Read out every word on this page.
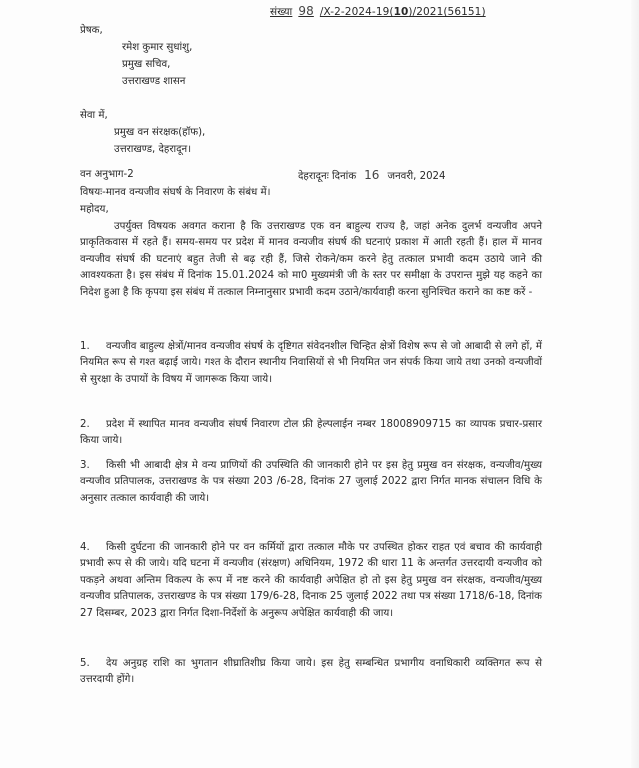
संख्या 98 /X-2-2024-19(10)/2021(56151)
प्रेषक,
रमेश कुमार सुधांशु,
प्रमुख सचिव,
उत्तराखण्ड शासन
सेवा में,
प्रमुख वन संरक्षक(हॉफ),
उत्तराखण्ड, देहरादून।
वन अनुभाग-2	देहरादूनः दिनांक 16 जनवरी, 2024
विषयः-मानव वन्यजीव संघर्ष के निवारण के संबंध में।
महोदय,

उपर्युक्त विषयक अवगत कराना है कि उत्तराखण्ड एक वन बाहुल्य राज्य है, जहां अनेक दुलर्भ वन्यजीव अपने प्राकृतिकवास में रहते हैं। समय-समय पर प्रदेश में मानव वन्यजीव संघर्ष की घटनाएं प्रकाश में आती रहती हैं। हाल में मानव वन्यजीव संघर्ष की घटनाएं बहुत तेजी से बढ़ रही हैं, जिसे रोकने/कम करने हेतु तत्काल प्रभावी कदम उठाये जाने की आवश्यकता है। इस संबंध में दिनांक 15.01.2024 को मा0 मुख्यमंत्री जी के स्तर पर समीक्षा के उपरान्त मुझे यह कहने का निदेश हुआ है कि कृपया इस संबंध में तत्काल निम्नानुसार प्रभावी कदम उठाने/कार्यवाही करना सुनिश्चित कराने का कष्ट करें -

1. वन्यजीव बाहुल्य क्षेत्रों/मानव वन्यजीव संघर्ष के दृष्टिगत संवेदनशील चिन्हित क्षेत्रों विशेष रूप से जो आबादी से लगे हों, में नियमित रूप से गश्त बढ़ाई जाये। गश्त के दौरान स्थानीय निवासियों से भी नियमित जन संपर्क किया जाये तथा उनको वन्यजीवों से सुरक्षा के उपायों के विषय में जागरूक किया जाये।

2. प्रदेश में स्थापित मानव वन्यजीव संघर्ष निवारण टोल फ्री हेल्पलाईन नम्बर 18008909715 का व्यापक प्रचार-प्रसार किया जाये।

3. किसी भी आबादी क्षेत्र मे वन्य प्राणियों की उपस्थिति की जानकारी होने पर इस हेतु प्रमुख वन संरक्षक, वन्यजीव/मुख्य वन्यजीव प्रतिपालक, उत्तराखण्ड के पत्र संख्या 203 /6-28, दिनांक 27 जुलाई 2022 द्वारा निर्गत मानक संचालन विधि के अनुसार तत्काल कार्यवाही की जाये।

4. किसी दुर्घटना की जानकारी होने पर वन कर्मियों द्वारा तत्काल मौके पर उपस्थित होकर राहत एवं बचाव की कार्यवाही प्रभावी रूप से की जाये। यदि घटना में वन्यजीव (संरक्षण) अधिनियम, 1972 की धारा 11 के अन्तर्गत उत्तरदायी वन्यजीव को पकड़ने अथवा अन्तिम विकल्प के रूप में नष्ट करने की कार्यवाही अपेक्षित हो तो इस हेतु प्रमुख वन संरक्षक, वन्यजीव/मुख्य वन्यजीव प्रतिपालक, उत्तराखण्ड के पत्र संख्या 179/6-28, दिनाक 25 जुलाई 2022 तथा पत्र संख्या 1718/6-18, दिनांक 27 दिसम्बर, 2023 द्वारा निर्गत दिशा-निर्देशों के अनुरूप अपेक्षित कार्यवाही की जाय।

5. देय अनुग्रह राशि का भुगतान शीघ्रातिशीघ्र किया जाये। इस हेतु सम्बन्धित प्रभागीय वनाधिकारी व्यक्तिगत रूप से उत्तरदायी होंगे।
